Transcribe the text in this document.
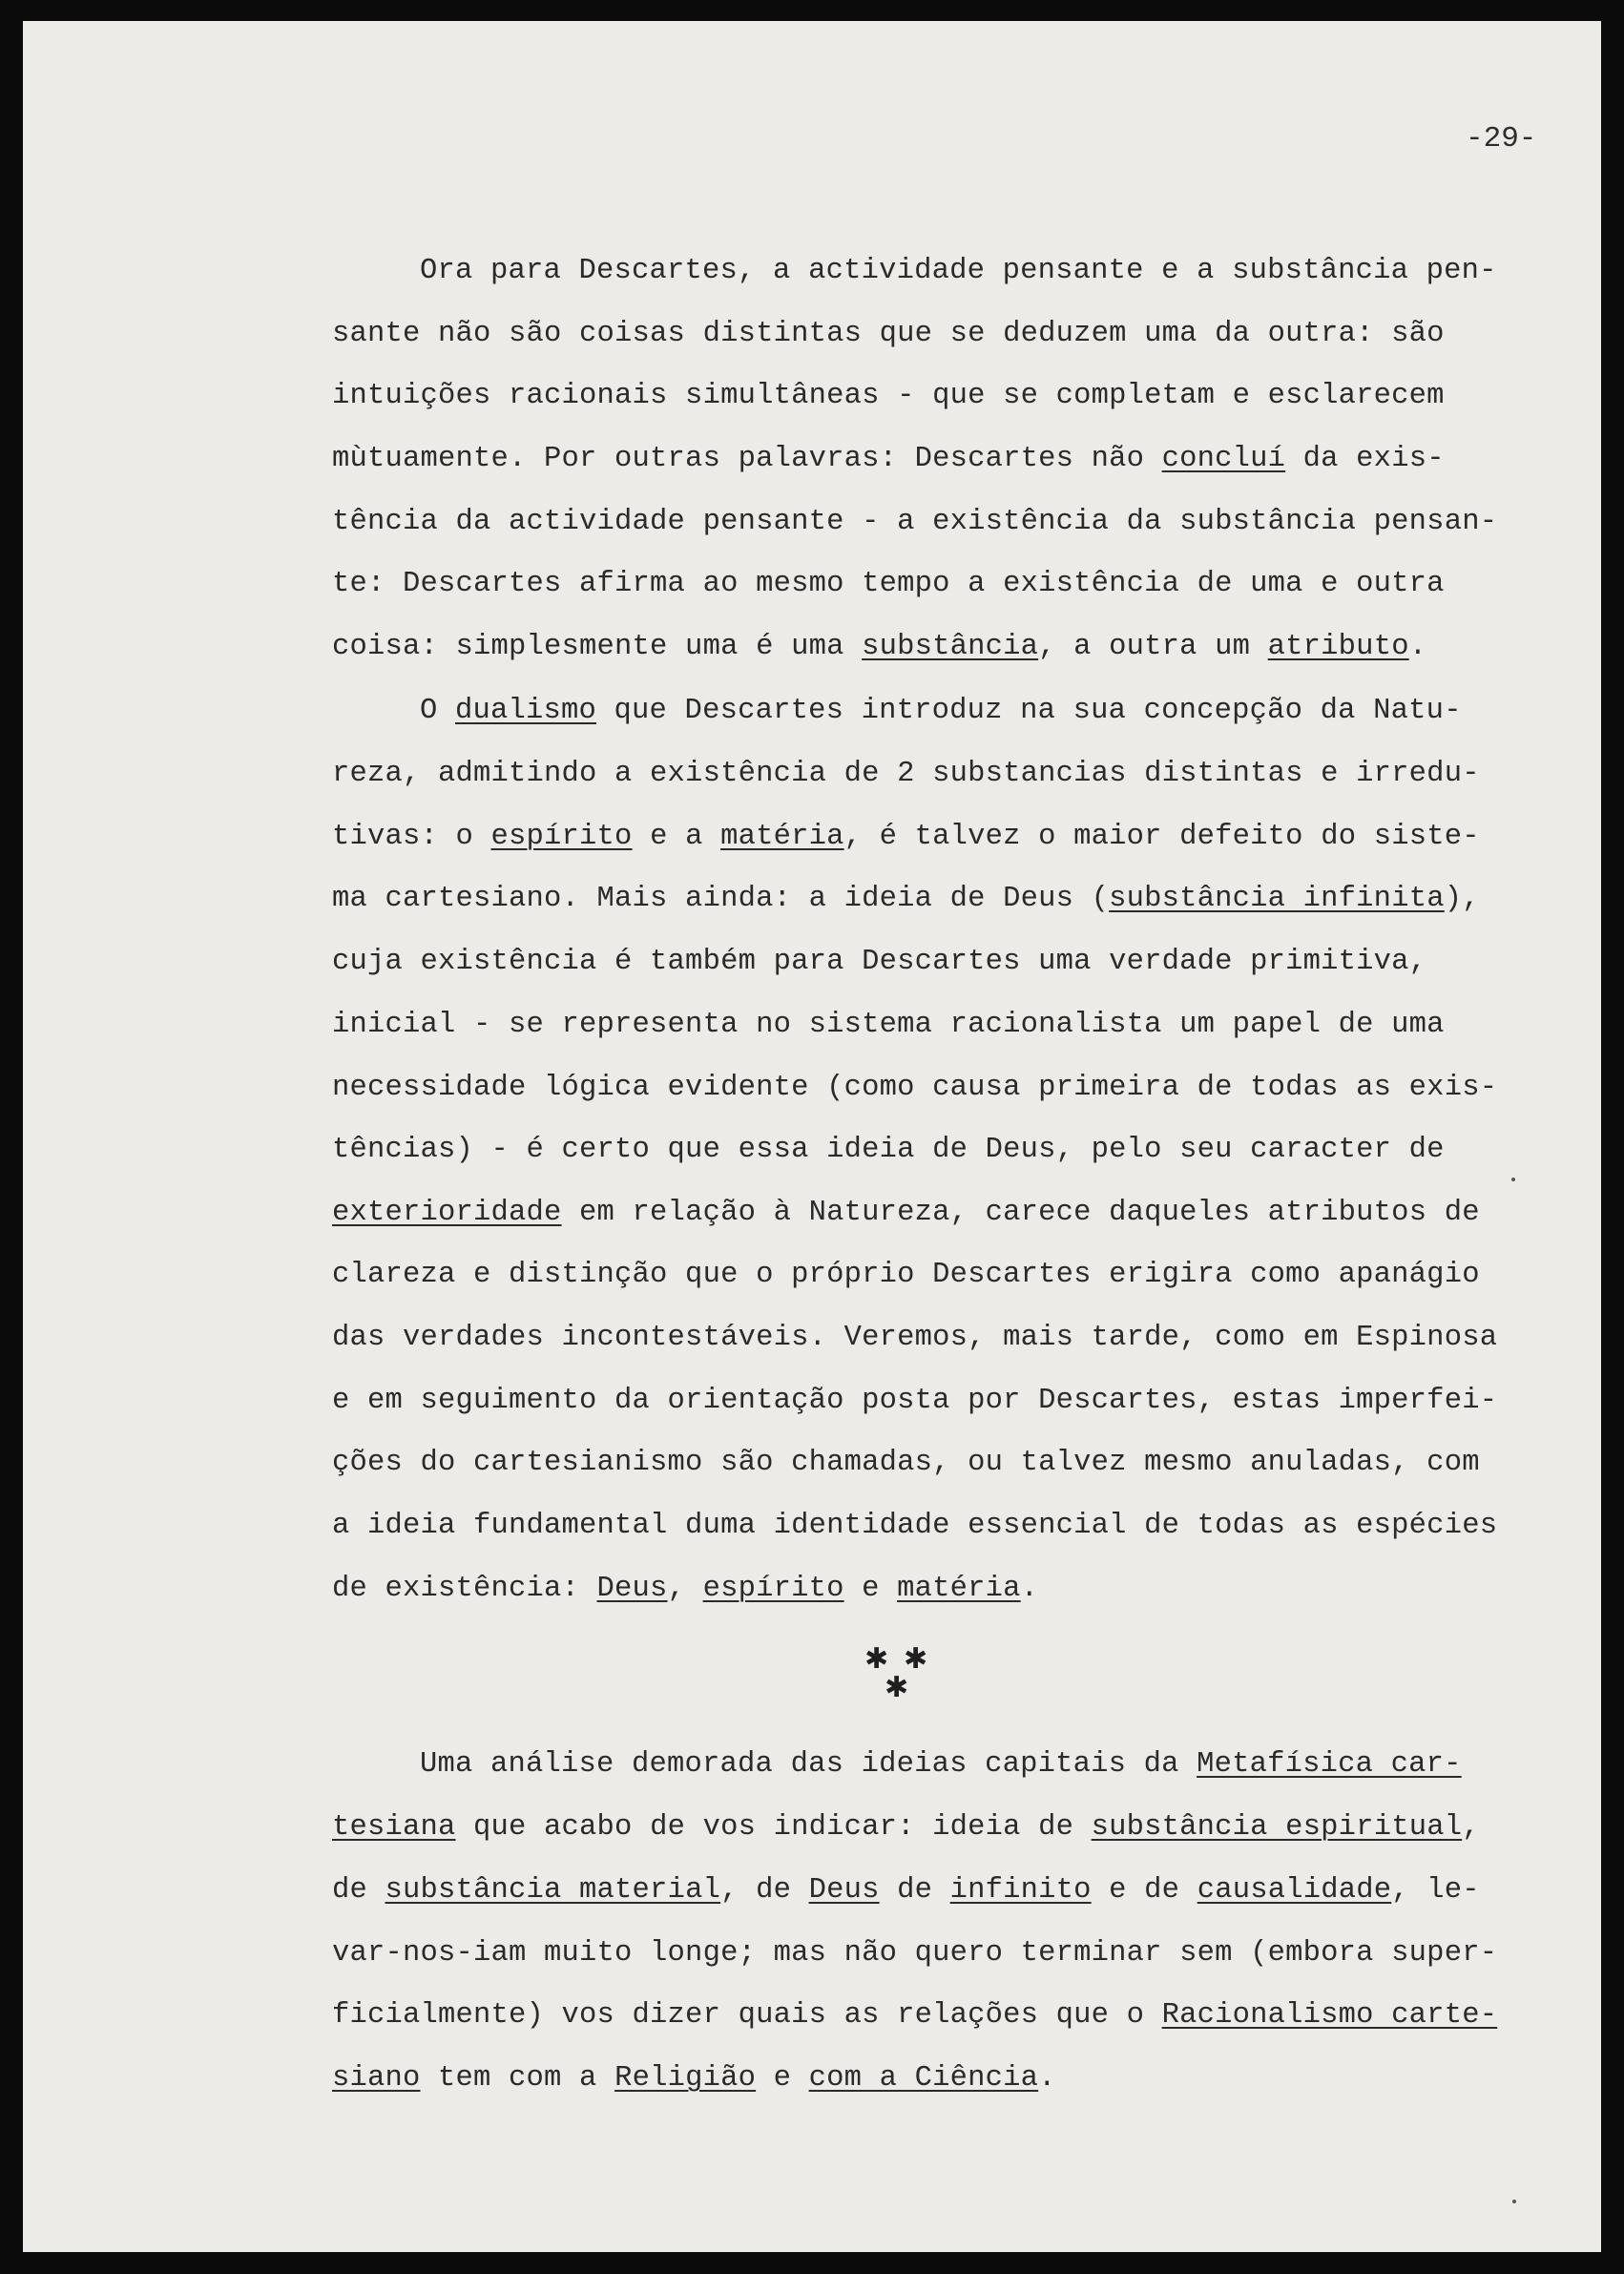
-29-
Ora para Descartes, a actividade pensante e a substância pen-
sante não são coisas distintas que se deduzem uma da outra: são
intuições racionais simultâneas - que se completam e esclarecem
mùtuamente. Por outras palavras: Descartes não concluí da exis-
tência da actividade pensante - a existência da substância pensan-
te: Descartes afirma ao mesmo tempo a existência de uma e outra
coisa: simplesmente uma é uma substância, a outra um atributo.
O dualismo que Descartes introduz na sua concepção da Natu-
reza, admitindo a existência de 2 substancias distintas e irredu-
tivas: o espírito e a matéria, é talvez o maior defeito do siste-
ma cartesiano. Mais ainda: a ideia de Deus (substância infinita),
cuja existência é também para Descartes uma verdade primitiva,
inicial - se representa no sistema racionalista um papel de uma
necessidade lógica evidente (como causa primeira de todas as exis-
tências) - é certo que essa ideia de Deus, pelo seu caracter de
exterioridade em relação à Natureza, carece daqueles atributos de
clareza e distinção que o próprio Descartes erigira como apanágio
das verdades incontestáveis. Veremos, mais tarde, como em Espinosa
e em seguimento da orientação posta por Descartes, estas imperfei-
ções do cartesianismo são chamadas, ou talvez mesmo anuladas, com
a ideia fundamental duma identidade essencial de todas as espécies
de existência: Deus, espírito e matéria.
✱ ✱
✱
Uma análise demorada das ideias capitais da Metafísica car-
tesiana que acabo de vos indicar: ideia de substância espiritual,
de substância material, de Deus de infinito e de causalidade, le-
var-nos-iam muito longe; mas não quero terminar sem (embora super-
ficialmente) vos dizer quais as relações que o Racionalismo carte-
siano tem com a Religião e com a Ciência.
